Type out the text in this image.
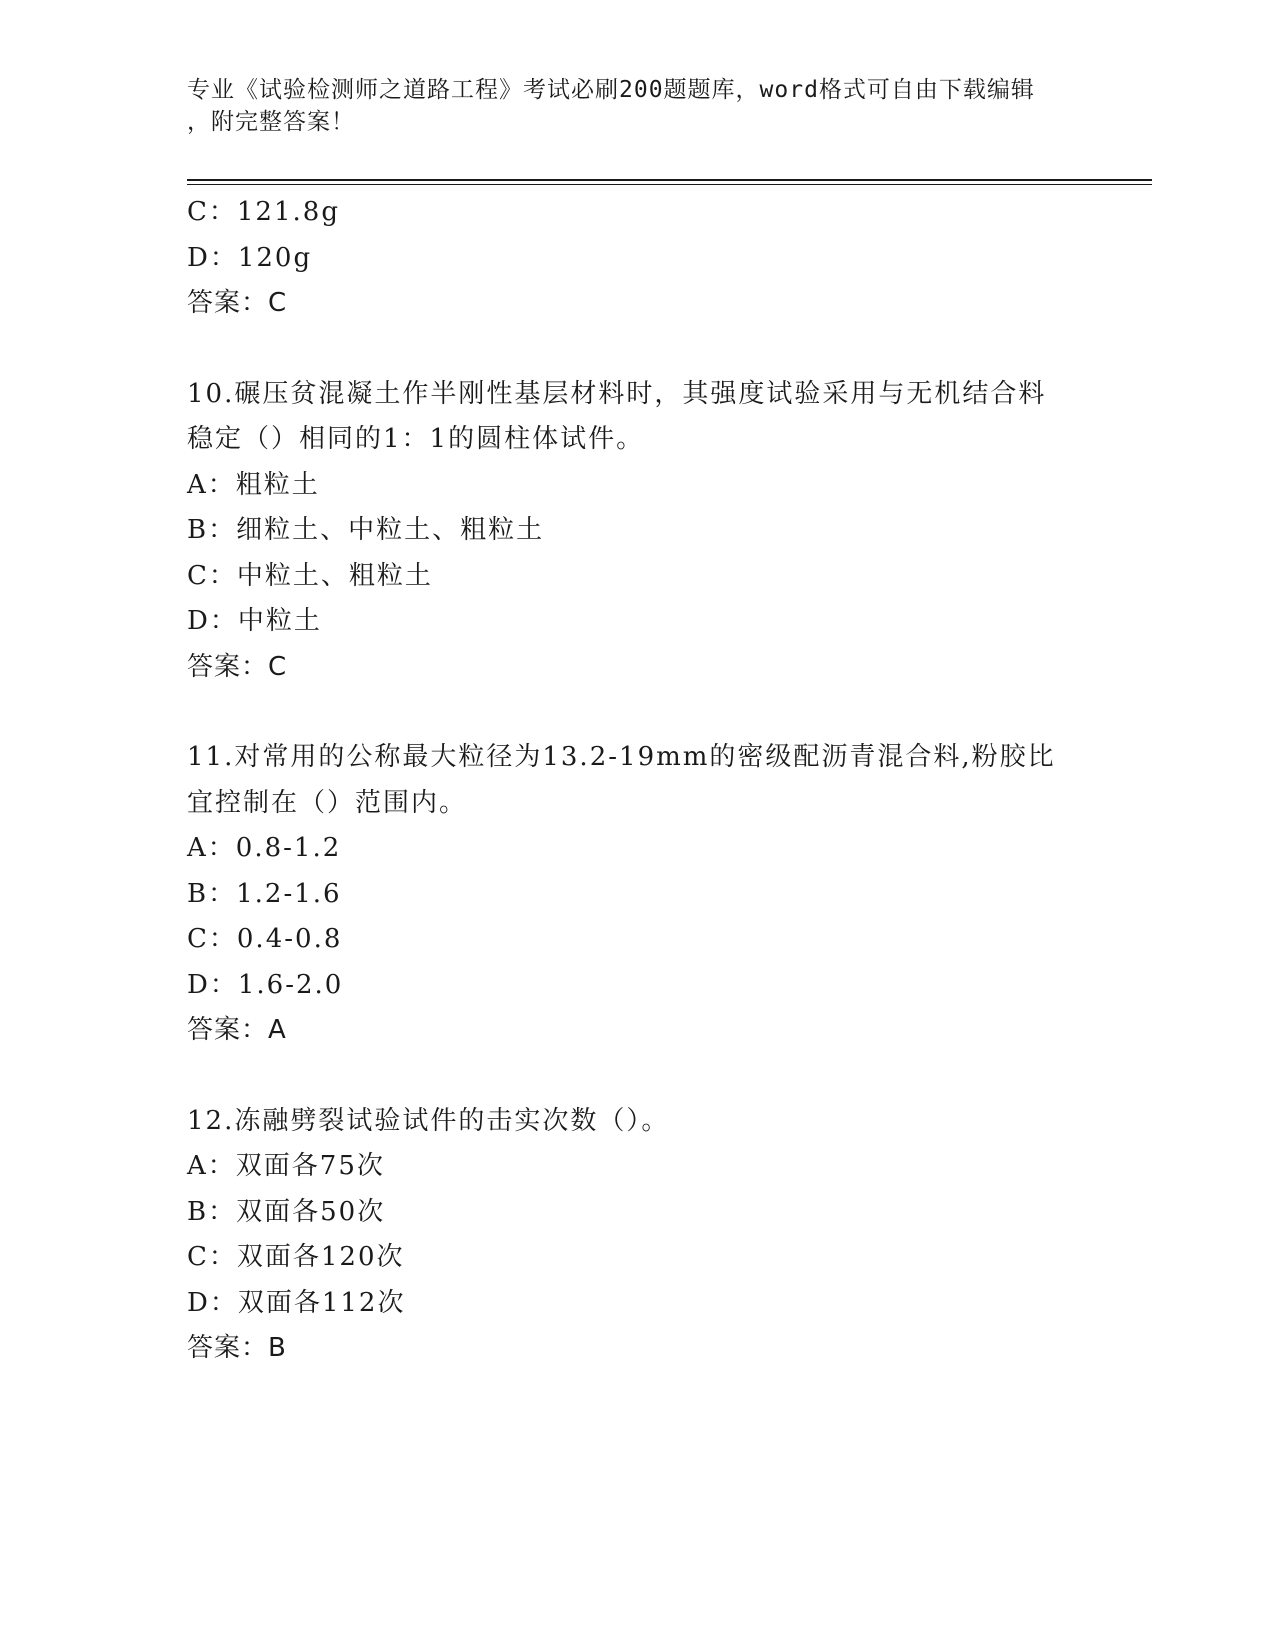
专业《试验检测师之道路工程》考试必刷200题题库，word格式可自由下载编辑
，附完整答案！
C：121.8g
D：120g
答案：C
10.碾压贫混凝土作半刚性基层材料时，其强度试验采用与无机结合料
稳定（）相同的1：1的圆柱体试件。
A：粗粒土
B：细粒土、中粒土、粗粒土
C：中粒土、粗粒土
D：中粒土
答案：C
11.对常用的公称最大粒径为13.2-19mm的密级配沥青混合料,粉胶比
宜控制在（）范围内。
A：0.8-1.2
B：1.2-1.6
C：0.4-0.8
D：1.6-2.0
答案：A
12.冻融劈裂试验试件的击实次数（）。
A：双面各75次
B：双面各50次
C：双面各120次
D：双面各112次
答案：B
